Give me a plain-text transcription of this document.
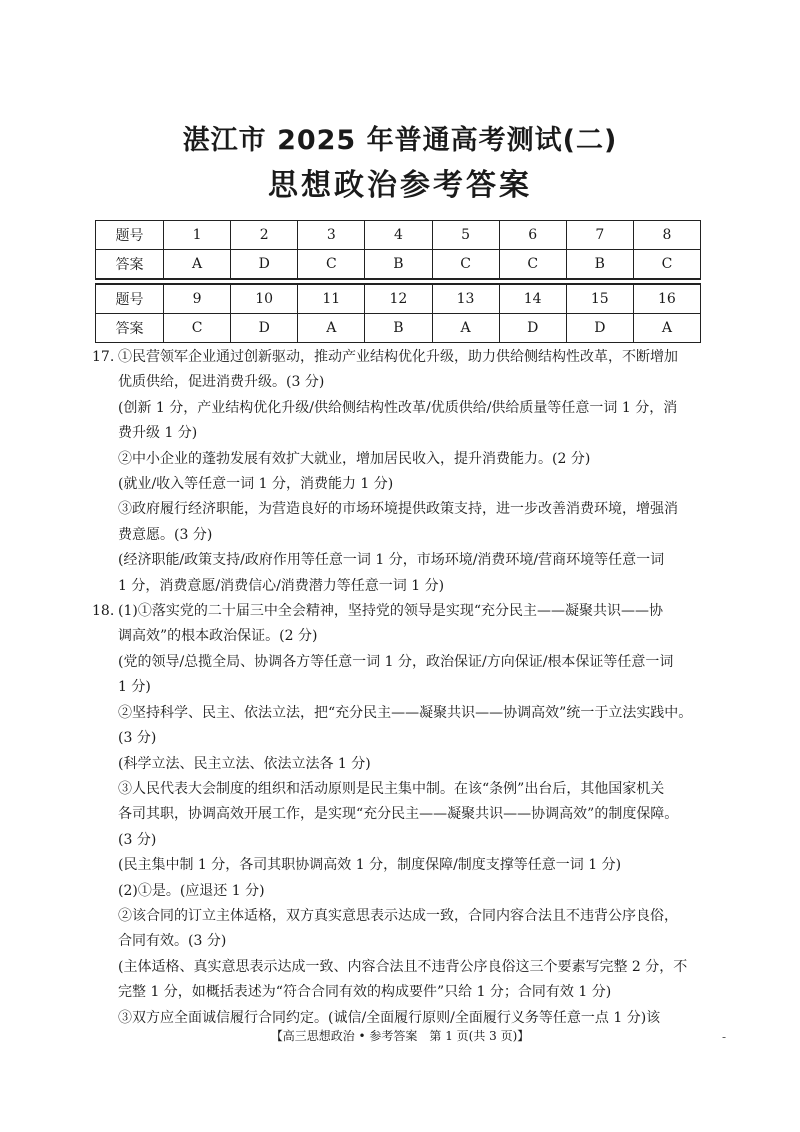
湛江市 2025 年普通高考测试(二)
思想政治参考答案
题号	1	2	3	4	5	6	7	8
答案	A	D	C	B	C	C	B	C

题号	9	10	11	12	13	14	15	16
答案	C	D	A	B	A	D	D	A
17. ①民营领军企业通过创新驱动，推动产业结构优化升级，助力供给侧结构性改革，不断增加
优质供给，促进消费升级。(3 分)
(创新 1 分，产业结构优化升级/供给侧结构性改革/优质供给/供给质量等任意一词 1 分，消
费升级 1 分)
②中小企业的蓬勃发展有效扩大就业，增加居民收入，提升消费能力。(2 分)
(就业/收入等任意一词 1 分，消费能力 1 分)
③政府履行经济职能，为营造良好的市场环境提供政策支持，进一步改善消费环境，增强消
费意愿。(3 分)
(经济职能/政策支持/政府作用等任意一词 1 分，市场环境/消费环境/营商环境等任意一词
1 分，消费意愿/消费信心/消费潜力等任意一词 1 分)
18. (1)①落实党的二十届三中全会精神，坚持党的领导是实现“充分民主——凝聚共识——协
调高效”的根本政治保证。(2 分)
(党的领导/总揽全局、协调各方等任意一词 1 分，政治保证/方向保证/根本保证等任意一词
1 分)
②坚持科学、民主、依法立法，把“充分民主——凝聚共识——协调高效”统一于立法实践中。
(3 分)
(科学立法、民主立法、依法立法各 1 分)
③人民代表大会制度的组织和活动原则是民主集中制。在该“条例”出台后，其他国家机关
各司其职，协调高效开展工作，是实现“充分民主——凝聚共识——协调高效”的制度保障。
(3 分)
(民主集中制 1 分，各司其职协调高效 1 分，制度保障/制度支撑等任意一词 1 分)
(2)①是。(应退还 1 分)
②该合同的订立主体适格，双方真实意思表示达成一致，合同内容合法且不违背公序良俗，
合同有效。(3 分)
(主体适格、真实意思表示达成一致、内容合法且不违背公序良俗这三个要素写完整 2 分，不
完整 1 分，如概括表述为“符合合同有效的构成要件”只给 1 分；合同有效 1 分)
③双方应全面诚信履行合同约定。(诚信/全面履行原则/全面履行义务等任意一点 1 分)该
【高三思想政治 • 参考答案　第 1 页(共 3 页)】	-
